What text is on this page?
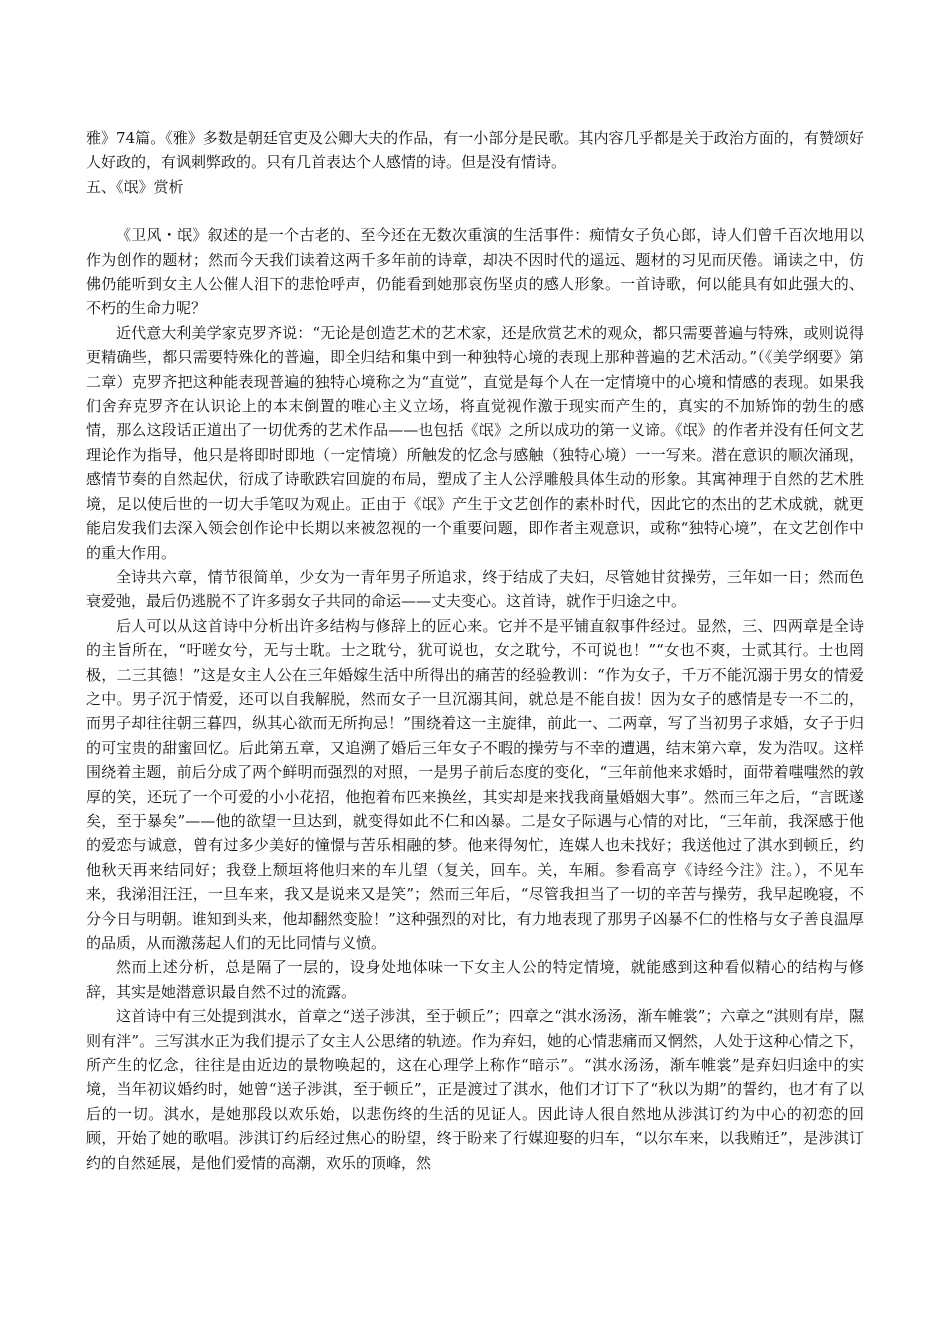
雅》74篇。《雅》多数是朝廷官吏及公卿大夫的作品，有一小部分是民歌。其内容几乎都是关于政治方面的，有赞颂好人好政的，有讽刺弊政的。只有几首表达个人感情的诗。但是没有情诗。

五、《氓》赏析

《卫风・氓》叙述的是一个古老的、至今还在无数次重演的生活事件：痴情女子负心郎，诗人们曾千百次地用以作为创作的题材；然而今天我们读着这两千多年前的诗章，却决不因时代的遥远、题材的习见而厌倦。诵读之中，仿佛仍能听到女主人公催人泪下的悲怆呼声，仍能看到她那哀伤坚贞的感人形象。一首诗歌，何以能具有如此强大的、不朽的生命力呢？

近代意大利美学家克罗齐说：“无论是创造艺术的艺术家，还是欣赏艺术的观众，都只需要普遍与特殊，或则说得更精确些，都只需要特殊化的普遍，即全归结和集中到一种独特心境的表现上那种普遍的艺术活动。”（《美学纲要》第二章）克罗齐把这种能表现普遍的独特心境称之为“直觉”，直觉是每个人在一定情境中的心境和情感的表现。如果我们舍弃克罗齐在认识论上的本末倒置的唯心主义立场，将直觉视作激于现实而产生的，真实的不加矫饰的勃生的感情，那么这段话正道出了一切优秀的艺术作品——也包括《氓》之所以成功的第一义谛。《氓》的作者并没有任何文艺理论作为指导，他只是将即时即地（一定情境）所触发的忆念与感触（独特心境）一一写来。潜在意识的顺次涌现，感情节奏的自然起伏，衍成了诗歌跌宕回旋的布局，塑成了主人公浮雕般具体生动的形象。其寓神理于自然的艺术胜境，足以使后世的一切大手笔叹为观止。正由于《氓》产生于文艺创作的素朴时代，因此它的杰出的艺术成就，就更能启发我们去深入领会创作论中长期以来被忽视的一个重要问题，即作者主观意识，或称“独特心境”，在文艺创作中的重大作用。

全诗共六章，情节很简单，少女为一青年男子所追求，终于结成了夫妇，尽管她甘贫操劳，三年如一日；然而色衰爱弛，最后仍逃脱不了许多弱女子共同的命运——丈夫变心。这首诗，就作于归途之中。

后人可以从这首诗中分析出许多结构与修辞上的匠心来。它并不是平铺直叙事件经过。显然，三、四两章是全诗的主旨所在，“吁嗟女兮，无与士耽。士之耽兮，犹可说也，女之耽兮，不可说也！”“女也不爽，士贰其行。士也罔极，二三其德！”这是女主人公在三年婚嫁生活中所得出的痛苦的经验教训：“作为女子，千万不能沉溺于男女的情爱之中。男子沉于情爱，还可以自我解脱，然而女子一旦沉溺其间，就总是不能自拔！因为女子的感情是专一不二的，而男子却往往朝三暮四，纵其心欲而无所拘忌！”围绕着这一主旋律，前此一、二两章，写了当初男子求婚，女子于归的可宝贵的甜蜜回忆。后此第五章，又追溯了婚后三年女子不暇的操劳与不幸的遭遇，结末第六章，发为浩叹。这样围绕着主题，前后分成了两个鲜明而强烈的对照，一是男子前后态度的变化，“三年前他来求婚时，面带着嗤嗤然的敦厚的笑，还玩了一个可爱的小小花招，他抱着布匹来换丝，其实却是来找我商量婚姻大事”。然而三年之后，“言既遂矣，至于暴矣”——他的欲望一旦达到，就变得如此不仁和凶暴。二是女子际遇与心情的对比，“三年前，我深感于他的爱恋与诚意，曾有过多少美好的憧憬与苦乐相融的梦。他来得匆忙，连媒人也未找好；我送他过了淇水到顿丘，约他秋天再来结同好；我登上颓垣将他归来的车儿望（复关，回车。关，车厢。参看高亨《诗经今注》注。），不见车来，我涕泪汪汪，一旦车来，我又是说来又是笑”；然而三年后，“尽管我担当了一切的辛苦与操劳，我早起晚寝，不分今日与明朝。谁知到头来，他却翻然变脸！”这种强烈的对比，有力地表现了那男子凶暴不仁的性格与女子善良温厚的品质，从而激荡起人们的无比同情与义愤。

然而上述分析，总是隔了一层的，设身处地体味一下女主人公的特定情境，就能感到这种看似精心的结构与修辞，其实是她潜意识最自然不过的流露。

这首诗中有三处提到淇水，首章之“送子涉淇，至于顿丘”；四章之“淇水汤汤，渐车帷裳”；六章之“淇则有岸，隰则有泮”。三写淇水正为我们提示了女主人公思绪的轨迹。作为弃妇，她的心情悲痛而又惘然，人处于这种心情之下，所产生的忆念，往往是由近边的景物唤起的，这在心理学上称作“暗示”。“淇水汤汤，渐车帷裳”是弃妇归途中的实境，当年初议婚约时，她曾“送子涉淇，至于顿丘”，正是渡过了淇水，他们才订下了“秋以为期”的誓约，也才有了以后的一切。淇水，是她那段以欢乐始，以悲伤终的生活的见证人。因此诗人很自然地从涉淇订约为中心的初恋的回顾，开始了她的歌唱。涉淇订约后经过焦心的盼望，终于盼来了行媒迎娶的归车，“以尔车来，以我贿迁”，是涉淇订约的自然延展，是他们爱情的高潮，欢乐的顶峰，然
